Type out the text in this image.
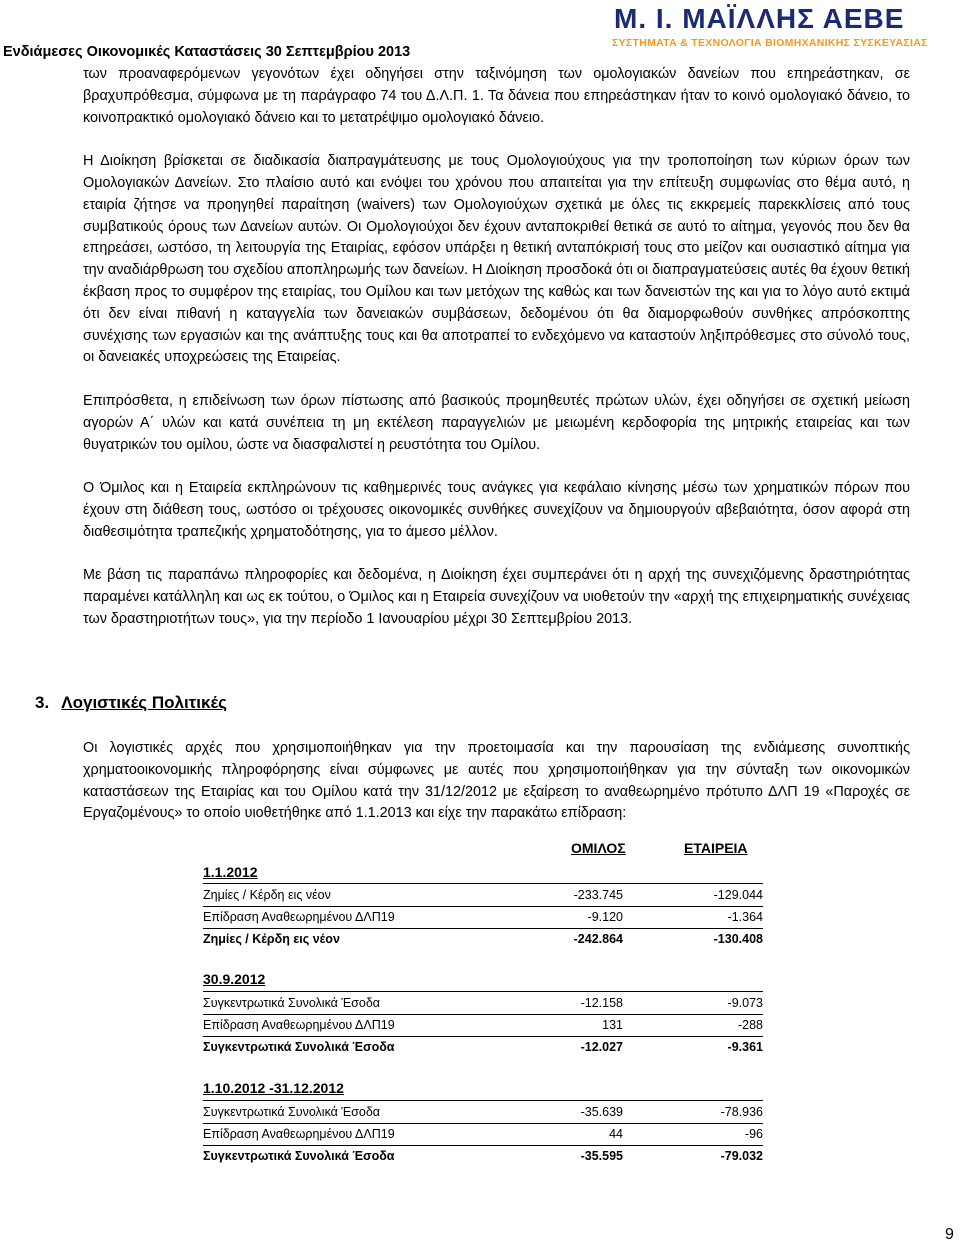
Ενδιάμεσες Οικονομικές Καταστάσεις 30 Σεπτεμβρίου 2013
Μ. Ι. ΜΑΪΛΛΗΣ ΑΕΒΕ
ΣΥΣΤΗΜΑΤΑ & ΤΕΧΝΟΛΟΓΙΑ ΒΙΟΜΗΧΑΝΙΚΗΣ ΣΥΣΚΕΥΑΣΙΑΣ

των προαναφερόμενων γεγονότων έχει οδηγήσει στην ταξινόμηση των ομολογιακών δανείων που επηρεάστηκαν, σε βραχυπρόθεσμα, σύμφωνα με τη παράγραφο 74 του Δ.Λ.Π. 1. Τα δάνεια που επηρεάστηκαν ήταν το κοινό ομολογιακό δάνειο, το κοινοπρακτικό ομολογιακό δάνειο και το μετατρέψιμο ομολογιακό δάνειο.

Η Διοίκηση βρίσκεται σε διαδικασία διαπραγμάτευσης με τους Ομολογιούχους για την τροποποίηση των κύριων όρων των Ομολογιακών Δανείων. Στο πλαίσιο αυτό και ενόψει του χρόνου που απαιτείται για την επίτευξη συμφωνίας στο θέμα αυτό, η εταιρία ζήτησε να προηγηθεί παραίτηση (waivers) των Ομολογιούχων σχετικά με όλες τις εκκρεμείς παρεκκλίσεις από τους συμβατικούς όρους των Δανείων αυτών. Οι Ομολογιούχοι δεν έχουν ανταποκριθεί θετικά σε αυτό το αίτημα, γεγονός που δεν θα επηρεάσει, ωστόσο, τη λειτουργία της Εταιρίας, εφόσον υπάρξει η θετική ανταπόκρισή τους στο μείζον και ουσιαστικό αίτημα για την αναδιάρθρωση του σχεδίου αποπληρωμής των δανείων. Η Διοίκηση προσδοκά ότι οι διαπραγματεύσεις αυτές θα έχουν θετική έκβαση προς το συμφέρον της εταιρίας, του Ομίλου και των μετόχων της καθώς και των δανειστών της και για το λόγο αυτό εκτιμά ότι δεν είναι πιθανή η καταγγελία των δανειακών συμβάσεων, δεδομένου ότι θα διαμορφωθούν συνθήκες απρόσκοπτης συνέχισης των εργασιών και της ανάπτυξης τους και θα αποτραπεί το ενδεχόμενο να καταστούν ληξιπρόθεσμες στο σύνολό τους, οι δανειακές υποχρεώσεις της Εταιρείας.

Επιπρόσθετα, η επιδείνωση των όρων πίστωσης από βασικούς προμηθευτές πρώτων υλών, έχει οδηγήσει σε σχετική μείωση αγορών Α΄ υλών και κατά συνέπεια τη μη εκτέλεση παραγγελιών με μειωμένη κερδοφορία της μητρικής εταιρείας και των θυγατρικών του ομίλου, ώστε να διασφαλιστεί η ρευστότητα του Ομίλου.

Ο Όμιλος και η Εταιρεία εκπληρώνουν τις καθημερινές τους ανάγκες για κεφάλαιο κίνησης μέσω των χρηματικών πόρων που έχουν στη διάθεση τους, ωστόσο οι τρέχουσες οικονομικές συνθήκες συνεχίζουν να δημιουργούν αβεβαιότητα, όσον αφορά στη διαθεσιμότητα τραπεζικής χρηματοδότησης, για το άμεσο μέλλον.

Με βάση τις παραπάνω πληροφορίες και δεδομένα, η Διοίκηση έχει συμπεράνει ότι η αρχή της συνεχιζόμενης δραστηριότητας παραμένει κατάλληλη και ως εκ τούτου, ο Όμιλος και η Εταιρεία συνεχίζουν να υιοθετούν την «αρχή της επιχειρηματικής συνέχειας των δραστηριοτήτων τους», για την περίοδο 1 Ιανουαρίου μέχρι 30 Σεπτεμβρίου 2013.

3. Λογιστικές Πολιτικές

Οι λογιστικές αρχές που χρησιμοποιήθηκαν για την προετοιμασία και την παρουσίαση της ενδιάμεσης συνοπτικής χρηματοοικονομικής πληροφόρησης είναι σύμφωνες με αυτές που χρησιμοποιήθηκαν για την σύνταξη των οικονομικών καταστάσεων της Εταιρίας και του Ομίλου κατά την 31/12/2012 με εξαίρεση το αναθεωρημένο πρότυπο ΔΛΠ 19 «Παροχές σε Εργαζομένους» το οποίο υιοθετήθηκε από 1.1.2013 και είχε την παρακάτω επίδραση:

ΟΜΙΛΟΣ	ΕΤΑΙΡΕΙΑ
1.1.2012
Ζημίες / Κέρδη εις νέον	-233.745	-129.044
Επίδραση Αναθεωρημένου ΔΛΠ19	-9.120	-1.364
Ζημίες / Κέρδη εις νέον	-242.864	-130.408
30.9.2012
Συγκεντρωτικά Συνολικά Έσοδα	-12.158	-9.073
Επίδραση Αναθεωρημένου ΔΛΠ19	131	-288
Συγκεντρωτικά Συνολικά Έσοδα	-12.027	-9.361
1.10.2012 -31.12.2012
Συγκεντρωτικά Συνολικά Έσοδα	-35.639	-78.936
Επίδραση Αναθεωρημένου ΔΛΠ19	44	-96
Συγκεντρωτικά Συνολικά Έσοδα	-35.595	-79.032
9
